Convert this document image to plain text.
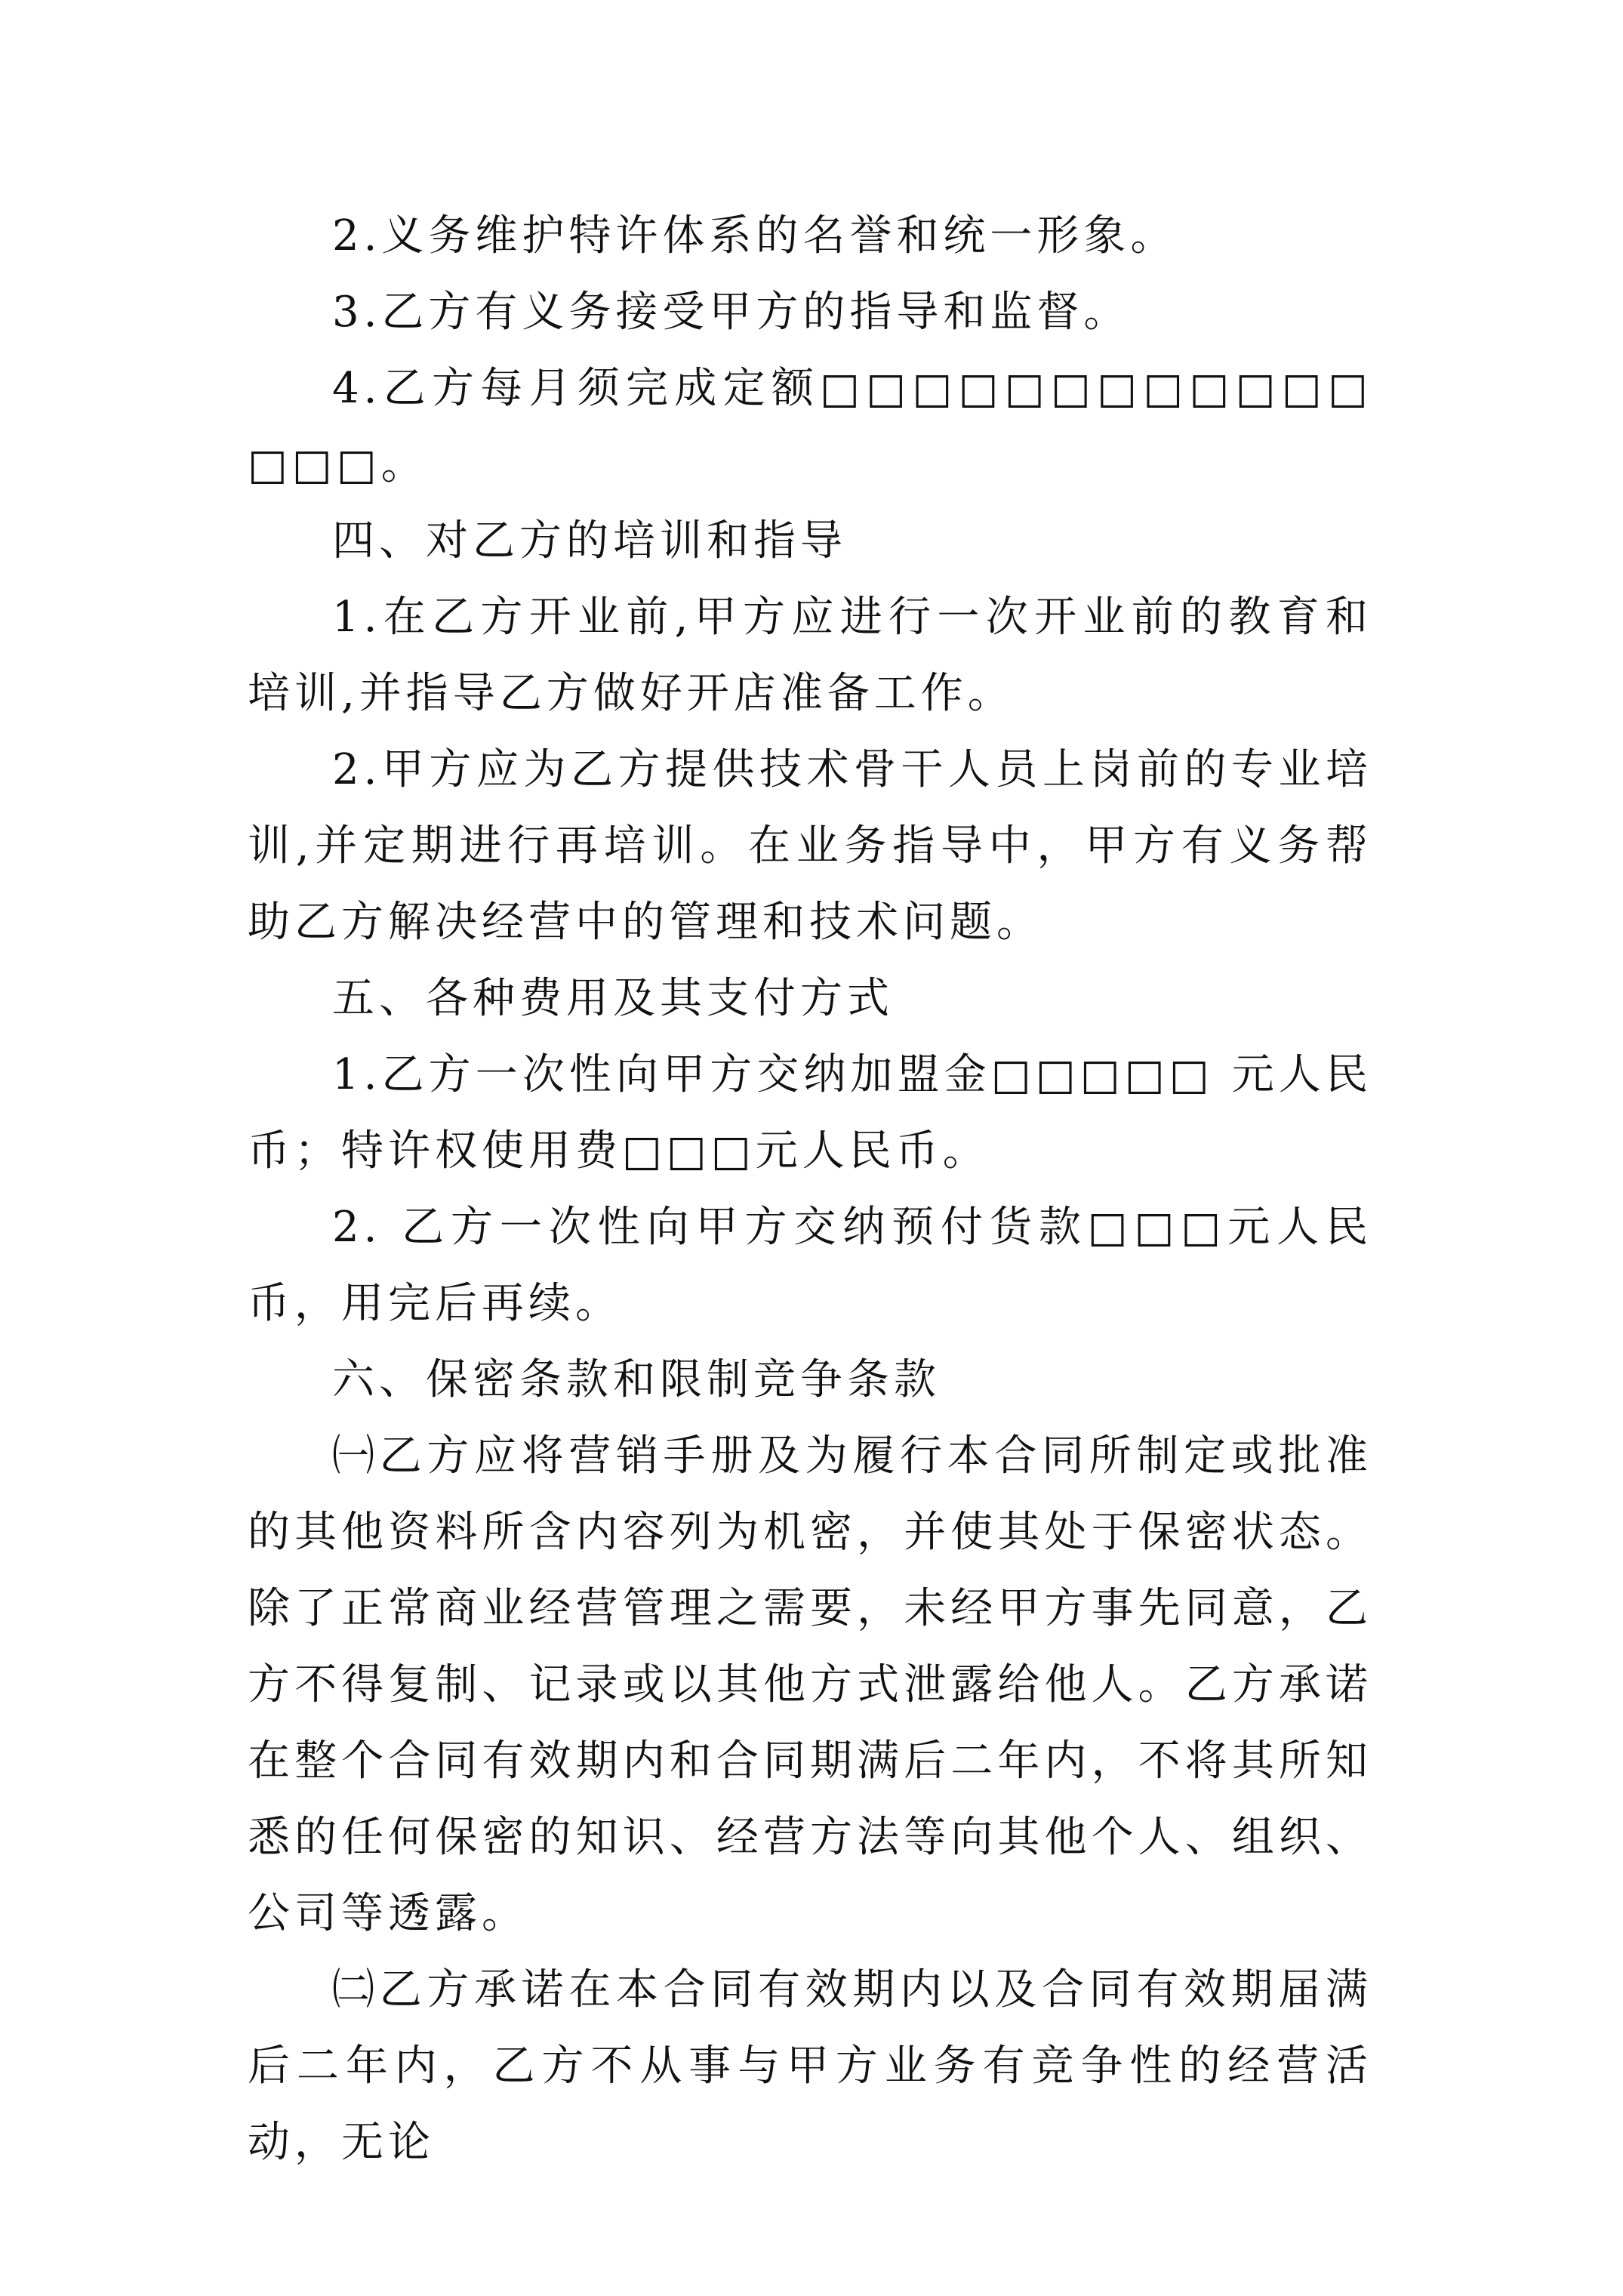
2.义务维护特许体系的名誉和统一形象。

3.乙方有义务接受甲方的指导和监督。

4.乙方每月须完成定额□□□□□□□□□□□□□□□。

四、对乙方的培训和指导

1.在乙方开业前,甲方应进行一次开业前的教育和培训,并指导乙方做好开店准备工作。

2.甲方应为乙方提供技术骨干人员上岗前的专业培训,并定期进行再培训。在业务指导中，甲方有义务帮助乙方解决经营中的管理和技术问题。

五、各种费用及其支付方式

1.乙方一次性向甲方交纳加盟金□□□□□ 元人民币；特许权使用费□□□元人民币。

2. 乙方一次性向甲方交纳预付货款□□□元人民币，用完后再续。

六、保密条款和限制竞争条款

㈠乙方应将营销手册及为履行本合同所制定或批准的其他资料所含内容列为机密，并使其处于保密状态。除了正常商业经营管理之需要，未经甲方事先同意，乙方不得复制、记录或以其他方式泄露给他人。乙方承诺在整个合同有效期内和合同期满后二年内，不将其所知悉的任何保密的知识、经营方法等向其他个人、组织、公司等透露。

㈡乙方承诺在本合同有效期内以及合同有效期届满后二年内，乙方不从事与甲方业务有竞争性的经营活动，无论
